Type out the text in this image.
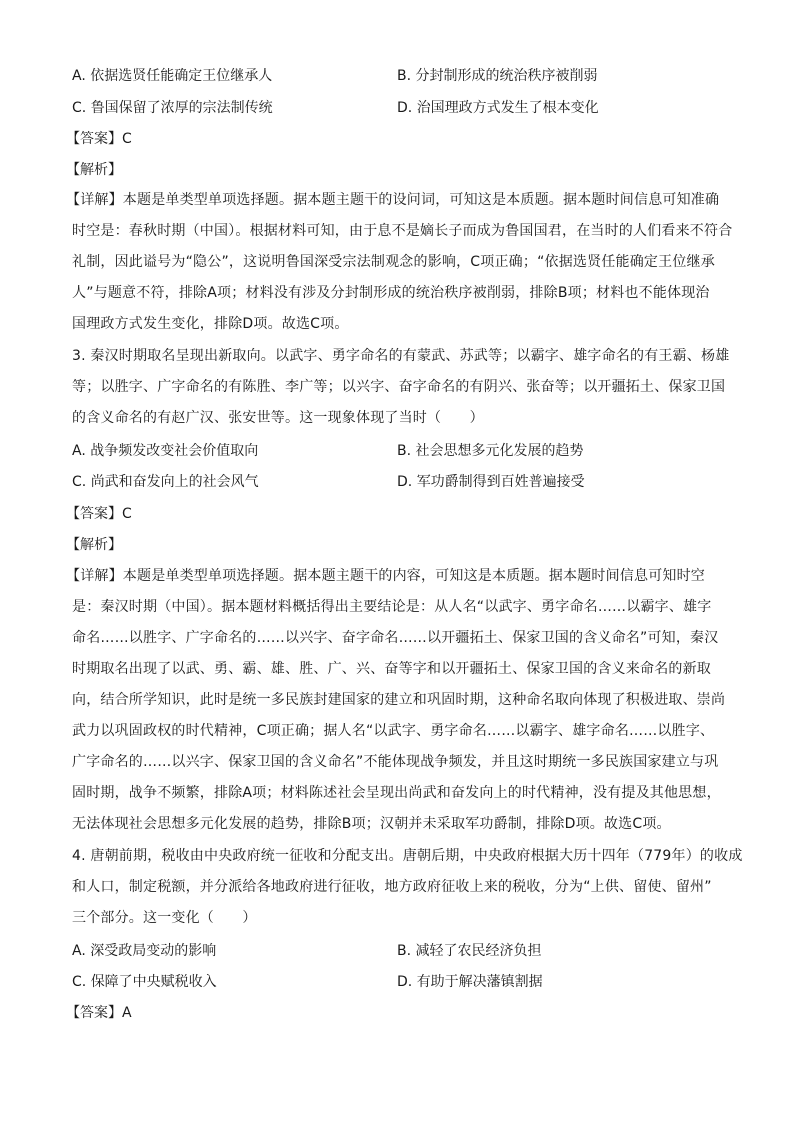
A. 依据选贤任能确定王位继承人	B. 分封制形成的统治秩序被削弱
C. 鲁国保留了浓厚的宗法制传统	D. 治国理政方式发生了根本变化
【答案】C
【解析】
【详解】本题是单类型单项选择题。据本题主题干的设问词，可知这是本质题。据本题时间信息可知准确
时空是：春秋时期（中国）。根据材料可知，由于息不是嫡长子而成为鲁国国君，在当时的人们看来不符合
礼制，因此谥号为“隐公”，这说明鲁国深受宗法制观念的影响，C项正确；“依据选贤任能确定王位继承
人”与题意不符，排除A项；材料没有涉及分封制形成的统治秩序被削弱，排除B项；材料也不能体现治
国理政方式发生变化，排除D项。故选C项。
3. 秦汉时期取名呈现出新取向。以武字、勇字命名的有蒙武、苏武等；以霸字、雄字命名的有王霸、杨雄
等；以胜字、广字命名的有陈胜、李广等；以兴字、奋字命名的有阴兴、张奋等；以开疆拓土、保家卫国
的含义命名的有赵广汉、张安世等。这一现象体现了当时（　　）
A. 战争频发改变社会价值取向	B. 社会思想多元化发展的趋势
C. 尚武和奋发向上的社会风气	D. 军功爵制得到百姓普遍接受
【答案】C
【解析】
【详解】本题是单类型单项选择题。据本题主题干的内容，可知这是本质题。据本题时间信息可知时空
是：秦汉时期（中国）。据本题材料概括得出主要结论是：从人名“以武字、勇字命名……以霸字、雄字
命名……以胜字、广字命名的……以兴字、奋字命名……以开疆拓土、保家卫国的含义命名”可知，秦汉
时期取名出现了以武、勇、霸、雄、胜、广、兴、奋等字和以开疆拓土、保家卫国的含义来命名的新取
向，结合所学知识，此时是统一多民族封建国家的建立和巩固时期，这种命名取向体现了积极进取、崇尚
武力以巩固政权的时代精神，C项正确；据人名“以武字、勇字命名……以霸字、雄字命名……以胜字、
广字命名的……以兴字、保家卫国的含义命名”不能体现战争频发，并且这时期统一多民族国家建立与巩
固时期，战争不频繁，排除A项；材料陈述社会呈现出尚武和奋发向上的时代精神，没有提及其他思想，
无法体现社会思想多元化发展的趋势，排除B项；汉朝并未采取军功爵制，排除D项。故选C项。
4. 唐朝前期，税收由中央政府统一征收和分配支出。唐朝后期，中央政府根据大历十四年（779年）的收成
和人口，制定税额，并分派给各地政府进行征收，地方政府征收上来的税收，分为“上供、留使、留州”
三个部分。这一变化（　　）
A. 深受政局变动的影响	B. 减轻了农民经济负担
C. 保障了中央赋税收入	D. 有助于解决藩镇割据
【答案】A
